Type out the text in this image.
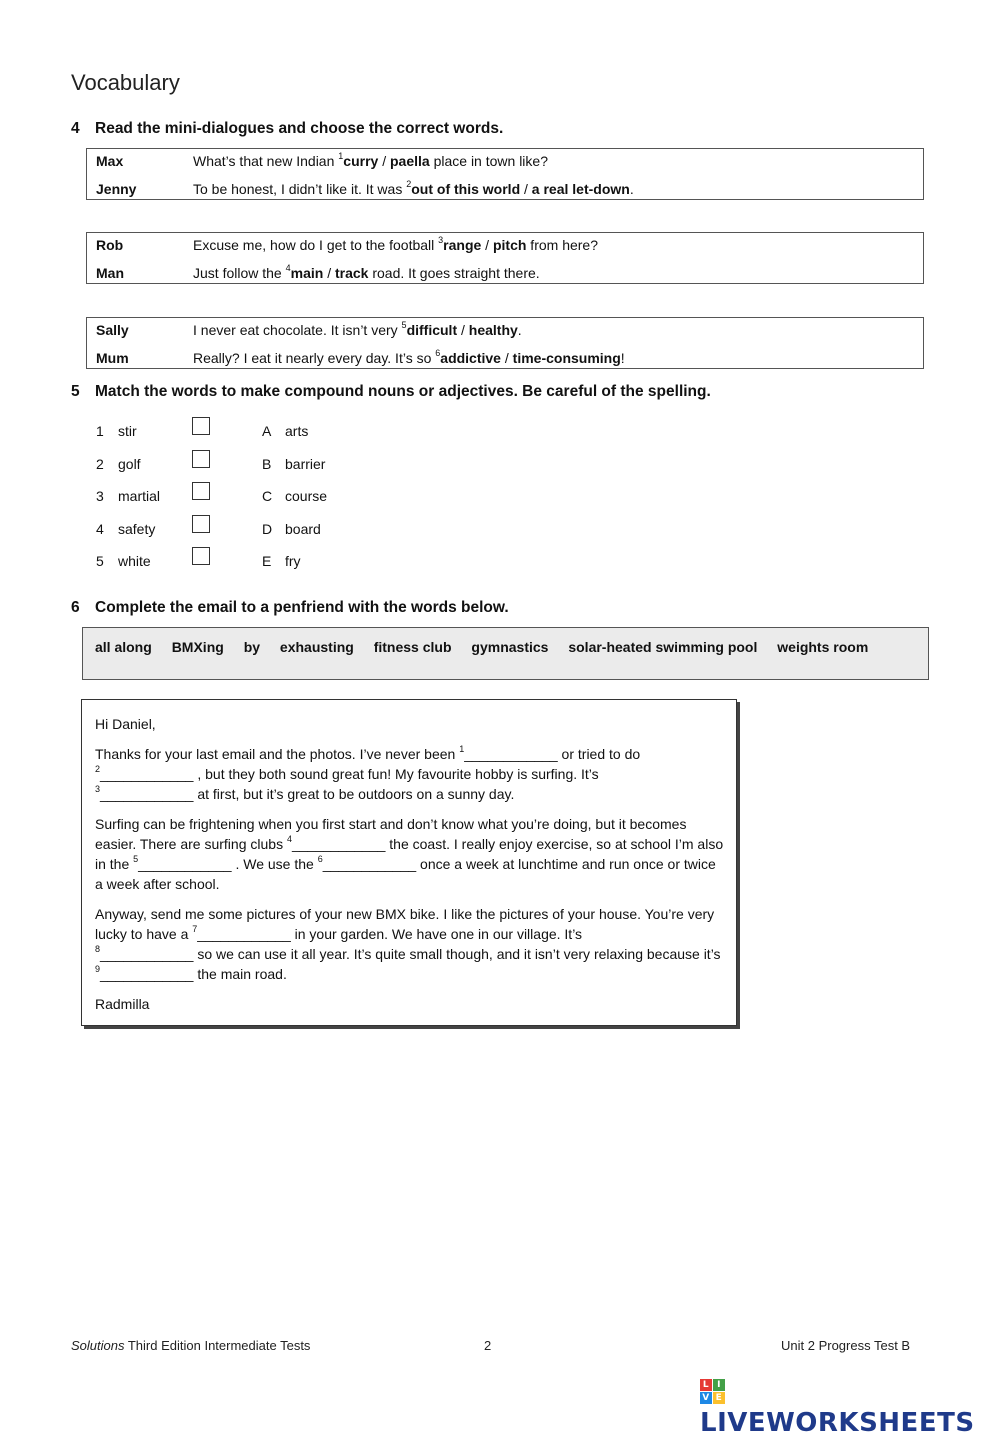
Vocabulary
4 Read the mini-dialogues and choose the correct words.
Max	What’s that new Indian $^1$curry / paella place in town like?
Jenny	To be honest, I didn’t like it. It was $^2$out of this world / a real let-down.
Rob	Excuse me, how do I get to the football $^3$range / pitch from here?
Man	Just follow the $^4$main / track road. It goes straight there.
Sally	I never eat chocolate. It isn’t very $^5$difficult / healthy.
Mum	Really? I eat it nearly every day. It’s so $^6$addictive / time-consuming!
5 Match the words to make compound nouns or adjectives. Be careful of the spelling.
1 stir	A arts
2 golf	B barrier
3 martial	C course
4 safety	D board
5 white	E fry
6 Complete the email to a penfriend with the words below.
all along BMXing by exhausting fitness club gymnastics solar-heated swimming pool weights room

Hi Daniel,

Thanks for your last email and the photos. I’ve never been $^1$____________ or tried to do
$^2$____________ , but they both sound great fun! My favourite hobby is surfing. It’s
$^3$____________ at first, but it’s great to be outdoors on a sunny day.

Surfing can be frightening when you first start and don’t know what you’re doing, but it becomes easier. There are surfing clubs $^4$____________ the coast. I really enjoy exercise, so at school I’m also in the $^5$____________ . We use the $^6$____________ once a week at lunchtime and run once or twice a week after school.

Anyway, send me some pictures of your new BMX bike. I like the pictures of your house. You’re very lucky to have a $^7$____________ in your garden. We have one in our village. It’s
$^8$____________ so we can use it all year. It’s quite small though, and it isn’t very relaxing because it’s $^9$____________ the main road.

Radmilla

Solutions Third Edition Intermediate Tests	2	Unit 2 Progress Test B
L I
V E
LIVEWORKSHEETS
